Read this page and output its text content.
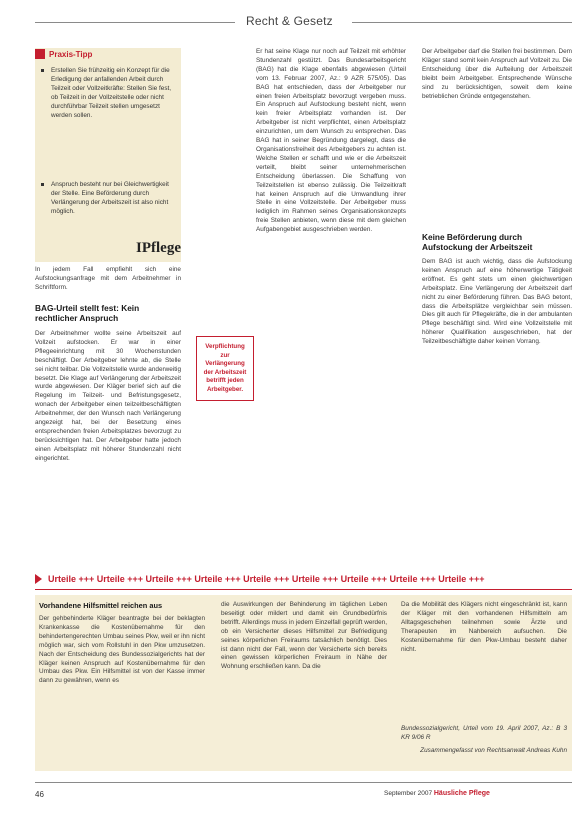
Recht & Gesetz
Praxis-Tipp
Erstellen Sie frühzeitig ein Konzept für die Erledigung der anfallenden Arbeit durch Teilzeit oder Vollzeitkräfte: Stellen Sie fest, ob Teilzeit in der Vollzeitstelle oder nicht durchführbar Teilzeit stellen umgesetzt werden sollen.
Anspruch besteht nur bei Gleichwertigkeit der Stelle. Eine Beförderung durch Verlängerung der Arbeitszeit ist also nicht möglich.
IPflege
In jedem Fall empfiehlt sich eine Aufstockungsanfrage mit dem Arbeitnehmer in Schriftform.
BAG-Urteil stellt fest: Kein rechtlicher Anspruch
Der Arbeitnehmer wollte seine Arbeitszeit auf Vollzeit aufstocken. Er war in einer Pflegeeinrichtung mit 30 Wochenstunden beschäftigt. Der Arbeitgeber lehnte ab, die Stelle sei nicht teilbar. Die Vollzeitstelle wurde anderweitig besetzt. Die Klage auf Verlängerung der Arbeitszeit wurde abgewiesen. Der Kläger berief sich auf die Regelung im Teilzeit- und Befristungsgesetz, wonach der Arbeitgeber einen teilzeitbeschäftigten Arbeitnehmer, der den Wunsch nach Verlängerung angezeigt hat, bei der Besetzung eines entsprechenden freien Arbeitsplatzes bevorzugt zu berücksichtigen hat. Der Arbeitgeber hatte jedoch einen Arbeitsplatz mit höherer Stundenzahl nicht eingerichtet.
Verpflichtung zur Verlängerung der Arbeitszeit betrifft jeden Arbeitgeber.
Er hat seine Klage nur noch auf Teilzeit mit erhöhter Stundenzahl gestützt. Das Bundesarbeitsgericht (BAG) hat die Klage ebenfalls abgewiesen (Urteil vom 13. Februar 2007, Az.: 9 AZR 575/05). Das BAG hat entschieden, dass der Arbeitgeber nur einen freien Arbeitsplatz bevorzugt vergeben muss. Ein Anspruch auf Aufstockung besteht nicht, wenn kein freier Arbeitsplatz vorhanden ist. Der Arbeitgeber ist nicht verpflichtet, einen Arbeitsplatz einzurichten, um dem Wunsch zu entsprechen. Das BAG hat in seiner Begründung dargelegt, dass die Organisationsfreiheit des Arbeitgebers zu achten ist. Welche Stellen er schafft und wie er die Arbeitszeit verteilt, bleibt seiner unternehmerischen Entscheidung überlassen. Die Schaffung von Teilzeitstellen ist ebenso zulässig. Die Teilzeitkraft hat keinen Anspruch auf die Umwandlung ihrer Stelle in eine Vollzeitstelle. Der Arbeitgeber muss lediglich im Rahmen seines Organisationskonzepts freie Stellen anbieten, wenn diese mit dem gleichen Aufgabengebiet ausgeschrieben werden.
Der Arbeitgeber darf die Stellen frei bestimmen. Dem Kläger stand somit kein Anspruch auf Vollzeit zu. Die Entscheidung über die Aufteilung der Arbeitszeit bleibt beim Arbeitgeber. Entsprechende Wünsche sind zu berücksichtigen, soweit dem keine betrieblichen Gründe entgegenstehen.
Keine Beförderung durch Aufstockung der Arbeitszeit
Dem BAG ist auch wichtig, dass die Aufstockung keinen Anspruch auf eine höherwertige Tätigkeit eröffnet. Es geht stets um einen gleichwertigen Arbeitsplatz. Eine Verlängerung der Arbeitszeit darf nicht zu einer Beförderung führen. Das BAG betont, dass die Arbeitsplätze vergleichbar sein müssen. Dies gilt auch für Pflegekräfte, die in der ambulanten Pflege beschäftigt sind. Wird eine Vollzeitstelle mit höherer Qualifikation ausgeschrieben, hat der Teilzeitbeschäftigte daher keinen Vorrang.
Urteile +++ Urteile +++ Urteile +++ Urteile +++ Urteile +++ Urteile +++ Urteile +++ Urteile +++ Urteile +++
Vorhandene Hilfsmittel reichen aus
Der gehbehinderte Kläger beantragte bei der beklagten Krankenkasse die Kostenübernahme für den behindertengerechten Umbau seines Pkw, weil er ihn nicht möglich war, sich vom Rollstuhl in den Pkw umzusetzen. Nach der Entscheidung des Bundessozialgerichts hat der Kläger keinen Anspruch auf Kostenübernahme für den Umbau des Pkw. Ein Hilfsmittel ist von der Kasse immer dann zu gewähren, wenn es
die Auswirkungen der Behinderung im täglichen Leben beseitigt oder mildert und damit ein Grundbedürfnis betrifft. Allerdings muss in jedem Einzelfall geprüft werden, ob ein Versicherter dieses Hilfsmittel zur Befriedigung seines körperlichen Freiraums tatsächlich benötigt. Dies ist dann nicht der Fall, wenn der Versicherte sich bereits einen gewissen körperlichen Freiraum in Nähe der Wohnung erschließen kann. Da die
Da die Mobilität des Klägers nicht eingeschränkt ist, kann der Kläger mit den vorhandenen Hilfsmitteln am Alltagsgeschehen teilnehmen sowie Ärzte und Therapeuten im Nahbereich aufsuchen. Die Kostenübernahme für den Pkw-Umbau besteht daher nicht.
Bundessozialgericht, Urteil vom 19. April 2007, Az.: B 3 KR 9/06 R
Zusammengefasst von Rechtsanwalt Andreas Kuhn
46	September 2007 Häusliche Pflege
